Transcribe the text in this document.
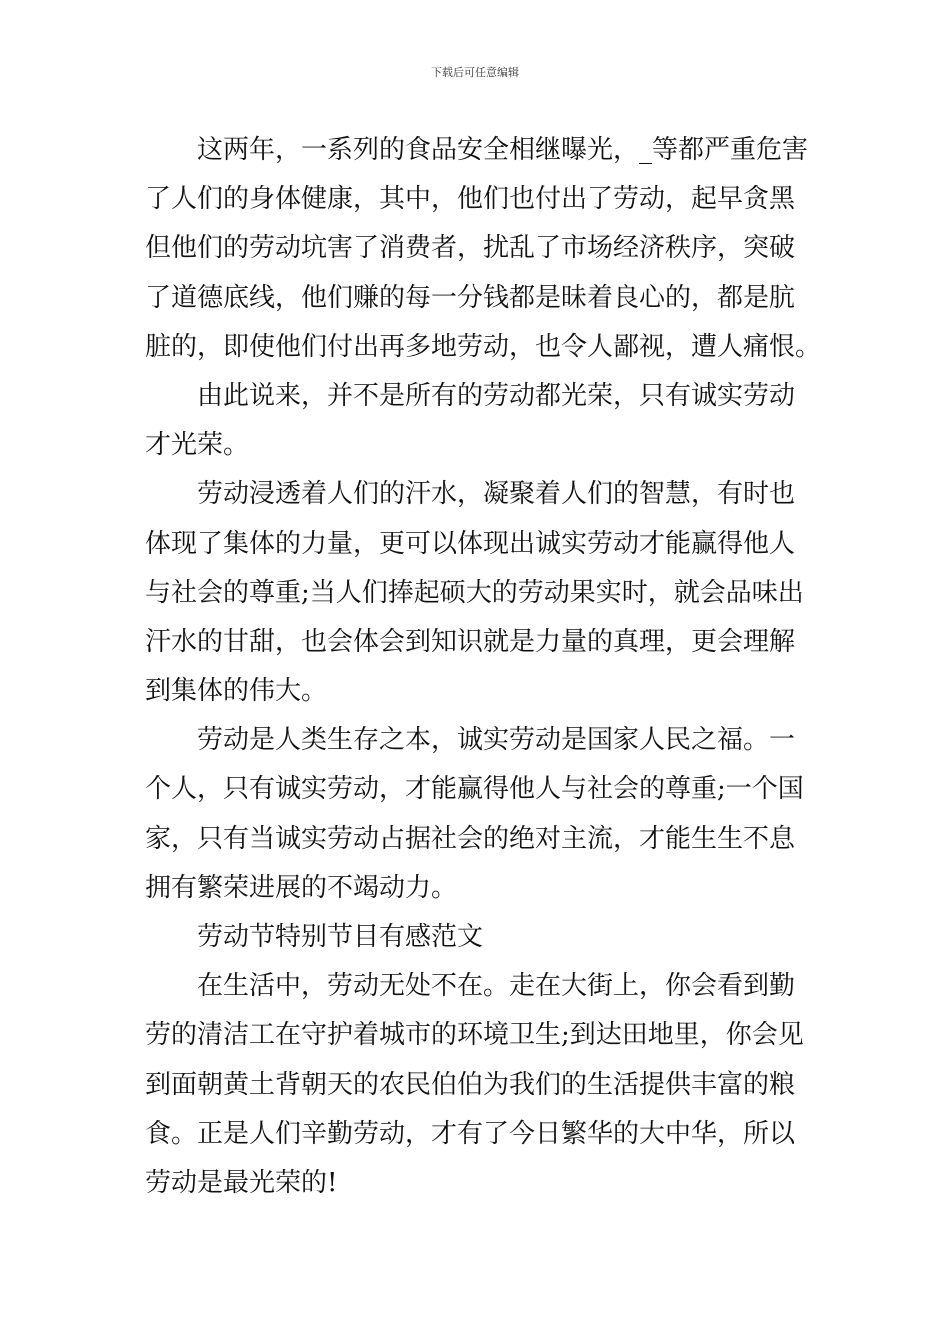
下载后可任意编辑
这两年，一系列的食品安全相继曝光，_等都严重危害
了人们的身体健康，其中，他们也付出了劳动，起早贪黑
但他们的劳动坑害了消费者，扰乱了市场经济秩序，突破
了道德底线，他们赚的每一分钱都是昧着良心的，都是肮
脏的，即使他们付出再多地劳动，也令人鄙视，遭人痛恨。
由此说来，并不是所有的劳动都光荣，只有诚实劳动
才光荣。
劳动浸透着人们的汗水，凝聚着人们的智慧，有时也
体现了集体的力量，更可以体现出诚实劳动才能赢得他人
与社会的尊重;当人们捧起硕大的劳动果实时，就会品味出
汗水的甘甜，也会体会到知识就是力量的真理，更会理解
到集体的伟大。
劳动是人类生存之本，诚实劳动是国家人民之福。一
个人，只有诚实劳动，才能赢得他人与社会的尊重;一个国
家，只有当诚实劳动占据社会的绝对主流，才能生生不息
拥有繁荣进展的不竭动力。
劳动节特别节目有感范文
在生活中，劳动无处不在。走在大街上，你会看到勤
劳的清洁工在守护着城市的环境卫生;到达田地里，你会见
到面朝黄土背朝天的农民伯伯为我们的生活提供丰富的粮
食。正是人们辛勤劳动，才有了今日繁华的大中华，所以
劳动是最光荣的!
